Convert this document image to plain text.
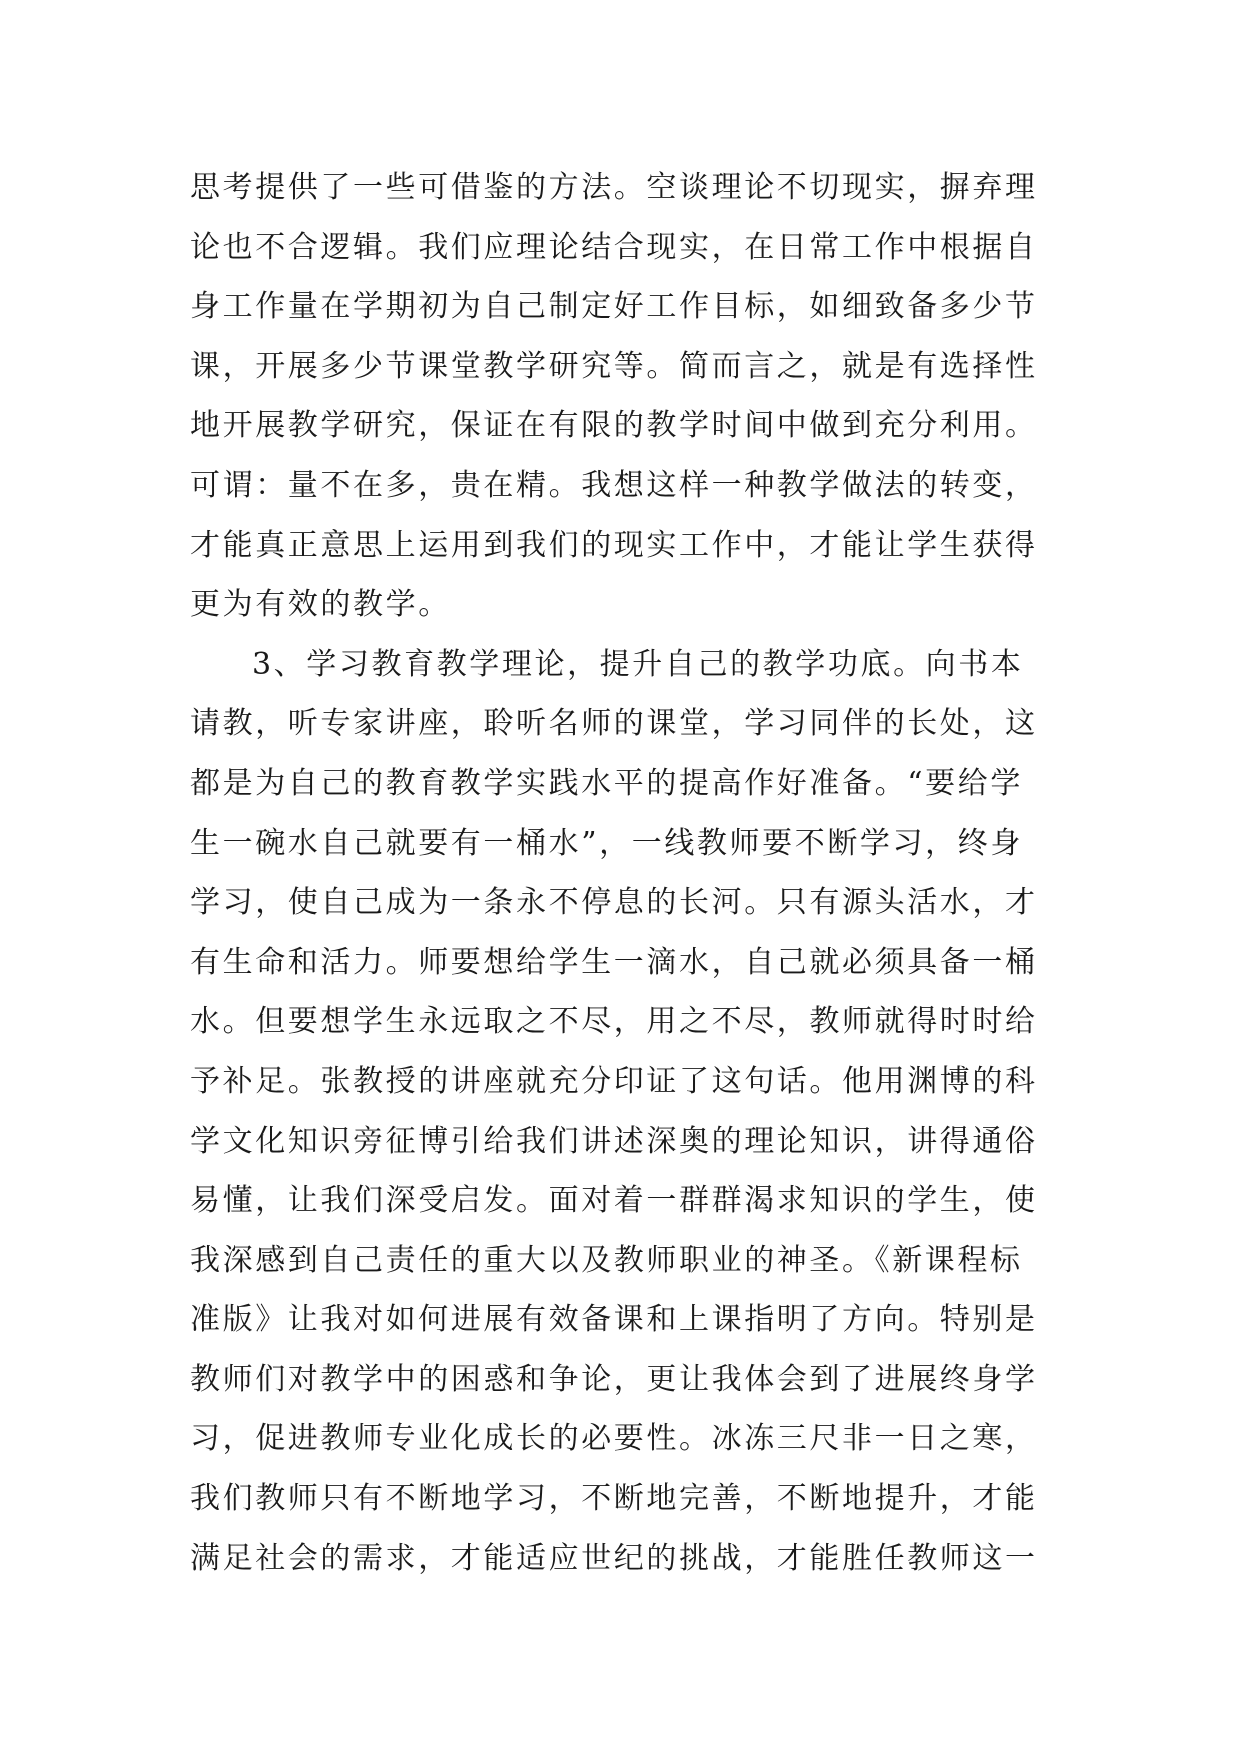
思考提供了一些可借鉴的方法。空谈理论不切现实，摒弃理
论也不合逻辑。我们应理论结合现实，在日常工作中根据自
身工作量在学期初为自己制定好工作目标，如细致备多少节
课，开展多少节课堂教学研究等。简而言之，就是有选择性
地开展教学研究，保证在有限的教学时间中做到充分利用。
可谓：量不在多，贵在精。我想这样一种教学做法的转变，
才能真正意思上运用到我们的现实工作中，才能让学生获得
更为有效的教学。
3、学习教育教学理论，提升自己的教学功底。向书本
请教，听专家讲座，聆听名师的课堂，学习同伴的长处，这
都是为自己的教育教学实践水平的提高作好准备。“要给学
生一碗水自己就要有一桶水”，一线教师要不断学习，终身
学习，使自己成为一条永不停息的长河。只有源头活水，才
有生命和活力。师要想给学生一滴水，自己就必须具备一桶
水。但要想学生永远取之不尽，用之不尽，教师就得时时给
予补足。张教授的讲座就充分印证了这句话。他用渊博的科
学文化知识旁征博引给我们讲述深奥的理论知识，讲得通俗
易懂，让我们深受启发。面对着一群群渴求知识的学生，使
我深感到自己责任的重大以及教师职业的神圣。《新课程标
准版》让我对如何进展有效备课和上课指明了方向。特别是
教师们对教学中的困惑和争论，更让我体会到了进展终身学
习，促进教师专业化成长的必要性。冰冻三尺非一日之寒，
我们教师只有不断地学习，不断地完善，不断地提升，才能
满足社会的需求，才能适应世纪的挑战，才能胜任教师这一
